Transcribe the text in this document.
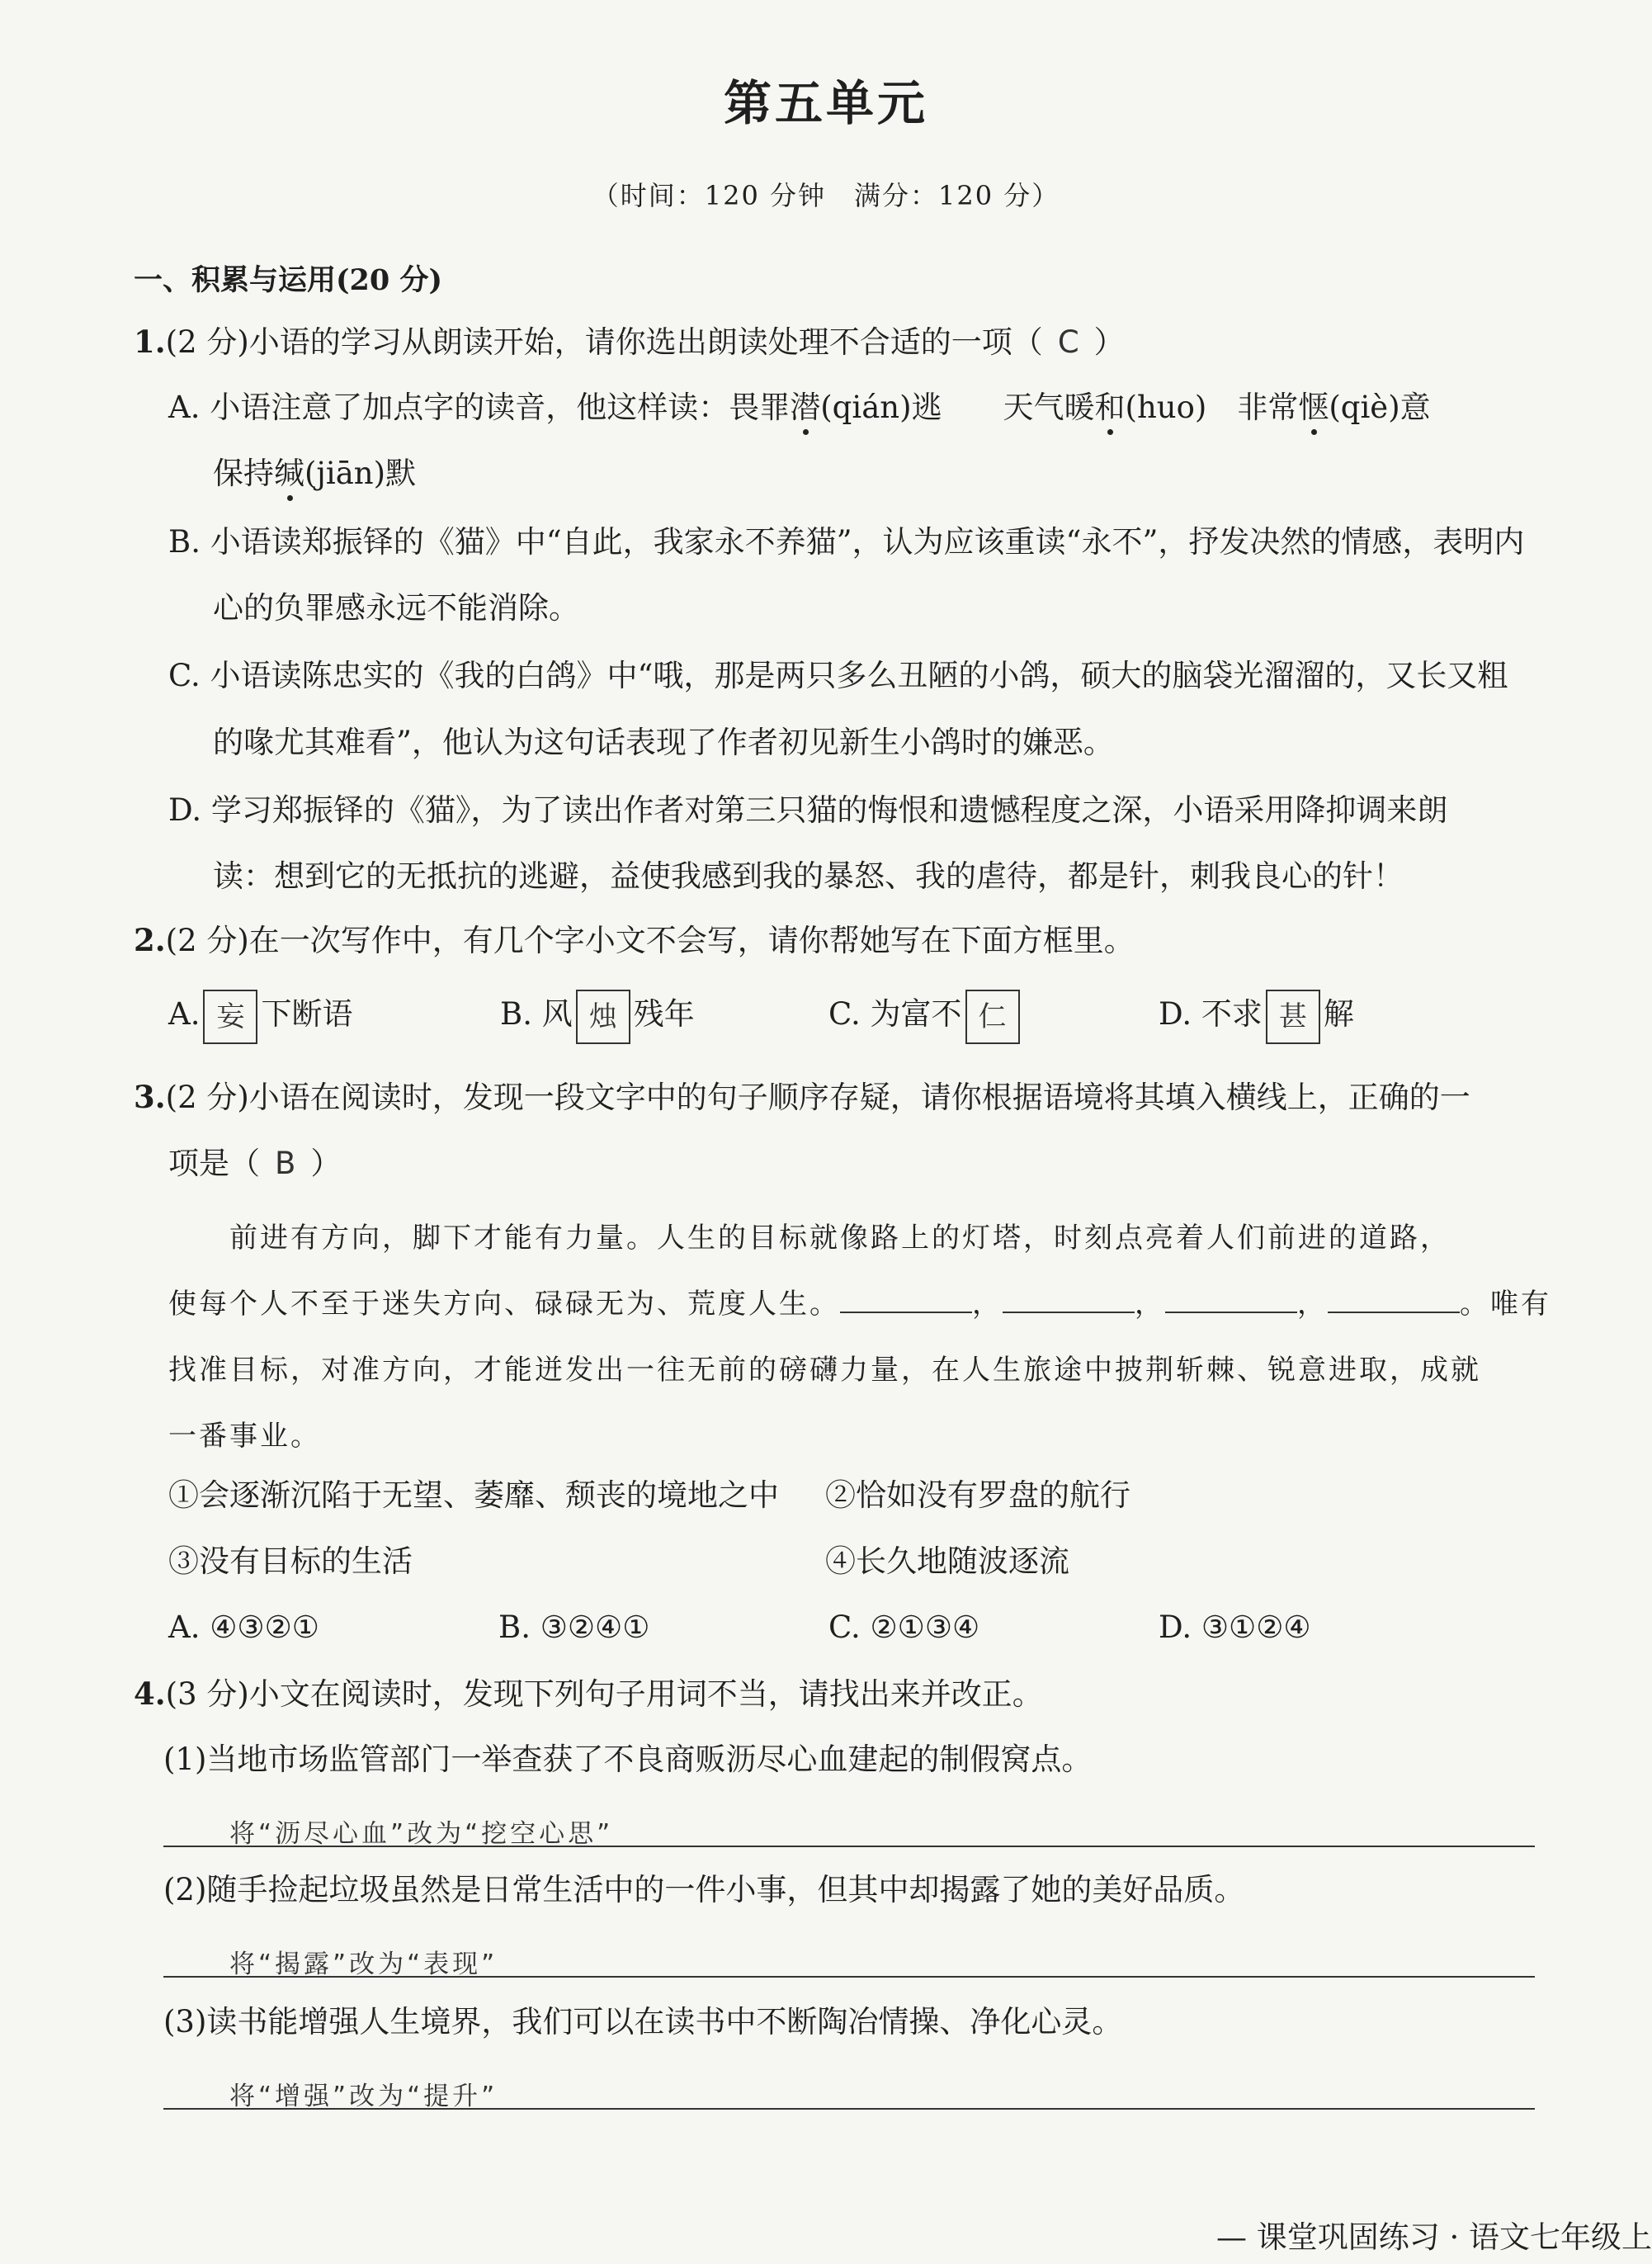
第五单元
（时间：120 分钟　满分：120 分）
一、积累与运用(20 分)
1.(2 分)小语的学习从朗读开始，请你选出朗读处理不合适的一项（ C ）
A. 小语注意了加点字的读音，他这样读：畏罪潜(qián)逃　　天气暖和(huo)　非常惬(qiè)意
保持缄(jiān)默
B. 小语读郑振铎的《猫》中“自此，我家永不养猫”，认为应该重读“永不”，抒发决然的情感，表明内
心的负罪感永远不能消除。
C. 小语读陈忠实的《我的白鸽》中“哦，那是两只多么丑陋的小鸽，硕大的脑袋光溜溜的，又长又粗
的喙尤其难看”，他认为这句话表现了作者初见新生小鸽时的嫌恶。
D. 学习郑振铎的《猫》，为了读出作者对第三只猫的悔恨和遗憾程度之深，小语采用降抑调来朗
读：想到它的无抵抗的逃避，益使我感到我的暴怒、我的虐待，都是针，刺我良心的针！
2.(2 分)在一次写作中，有几个字小文不会写，请你帮她写在下面方框里。
A. 妄 下断语	B. 风 烛 残年	C. 为富不 仁	D. 不求 甚 解
3.(2 分)小语在阅读时，发现一段文字中的句子顺序存疑，请你根据语境将其填入横线上，正确的一
项是（ B ）
前进有方向，脚下才能有力量。人生的目标就像路上的灯塔，时刻点亮着人们前进的道路，
使每个人不至于迷失方向、碌碌无为、荒度人生。	，	，	，	。唯有
找准目标，对准方向，才能迸发出一往无前的磅礴力量，在人生旅途中披荆斩棘、锐意进取，成就
一番事业。
①会逐渐沉陷于无望、萎靡、颓丧的境地之中 ②恰如没有罗盘的航行
③没有目标的生活	④长久地随波逐流
A. ④③②①	B. ③②④①	C. ②①③④	D. ③①②④
4.(3 分)小文在阅读时，发现下列句子用词不当，请找出来并改正。
(1)当地市场监管部门一举查获了不良商贩沥尽心血建起的制假窝点。
将“沥尽心血”改为“挖空心思”
(2)随手捡起垃圾虽然是日常生活中的一件小事，但其中却揭露了她的美好品质。
将“揭露”改为“表现”
(3)读书能增强人生境界，我们可以在读书中不断陶冶情操、净化心灵。
将“增强”改为“提升”
— 课堂巩固练习 · 语文七年级上
